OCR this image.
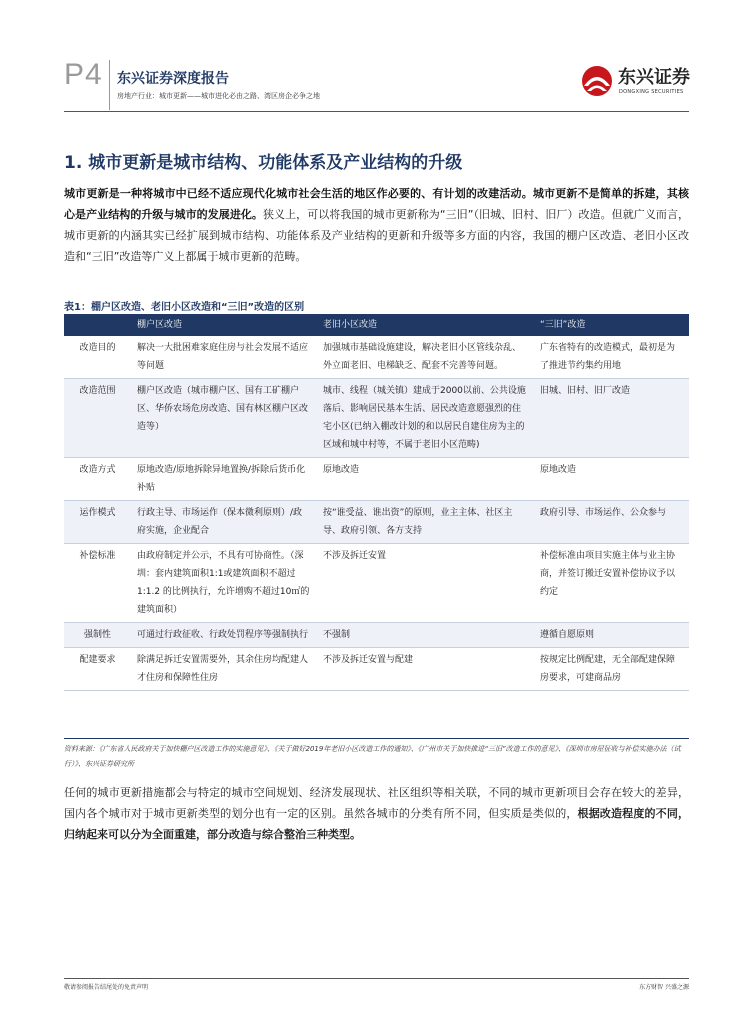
P4 东兴证券深度报告
房地产行业：城市更新——城市进化必由之路、湾区房企必争之地
东兴证券
DONGXING SECURITIES
1. 城市更新是城市结构、功能体系及产业结构的升级
城市更新是一种将城市中已经不适应现代化城市社会生活的地区作必要的、有计划的改建活动。城市更新不是简单的拆建，其核心是产业结构的升级与城市的发展进化。狭义上，可以将我国的城市更新称为“三旧”（旧城、旧村、旧厂）改造。但就广义而言，城市更新的内涵其实已经扩展到城市结构、功能体系及产业结构的更新和升级等多方面的内容，我国的棚户区改造、老旧小区改造和“三旧”改造等广义上都属于城市更新的范畴。
表1：棚户区改造、老旧小区改造和“三旧”改造的区别
	棚户区改造	老旧小区改造	“三旧”改造
改造目的	解决一大批困难家庭住房与社会发展不适应等问题	加强城市基础设施建设，解决老旧小区管线杂乱、外立面老旧、电梯缺乏、配套不完善等问题。	广东省特有的改造模式，最初是为了推进节约集约用地
改造范围	棚户区改造（城市棚户区、国有工矿棚户区、华侨农场危房改造、国有林区棚户区改造等）	城市、线程（城关镇）建成于2000以前、公共设施落后、影响居民基本生活、居民改造意愿强烈的住宅小区(已纳入棚改计划的和以居民自建住房为主的区域和城中村等，不属于老旧小区范畴)	旧城、旧村、旧厂改造
改造方式	原地改造/原地拆除异地置换/拆除后货币化补贴	原地改造	原地改造
运作模式	行政主导、市场运作（保本微利原则）/政府实施，企业配合	按“谁受益、谁出资”的原则，业主主体、社区主导、政府引领、各方支持	政府引导、市场运作、公众参与
补偿标准	由政府制定并公示，不具有可协商性。（深圳：套内建筑面积1:1或建筑面积不超过 1:1.2 的比例执行，允许增购不超过10㎡的建筑面积）	不涉及拆迁安置	补偿标准由项目实施主体与业主协商，并签订搬迁安置补偿协议予以约定
强制性	可通过行政征收、行政处罚程序等强制执行	不强制	遵循自愿原则
配建要求	除满足拆迁安置需要外，其余住房均配建人才住房和保障性住房	不涉及拆迁安置与配建	按规定比例配建，无全部配建保障房要求，可建商品房
资料来源：《广东省人民政府关于加快棚户区改造工作的实施意见》、《关于做好2019年老旧小区改造工作的通知》、《广州市关于加快推进“三旧”改造工作的意见》、《深圳市房屋征收与补偿实施办法（试行）》、东兴证券研究所
任何的城市更新措施都会与特定的城市空间规划、经济发展现状、社区组织等相关联，不同的城市更新项目会存在较大的差异，国内各个城市对于城市更新类型的划分也有一定的区别。虽然各城市的分类有所不同，但实质是类似的，根据改造程度的不同，归纳起来可以分为全面重建，部分改造与综合整治三种类型。
敬请参阅报告结尾处的免责声明	东方财智 兴盛之源
